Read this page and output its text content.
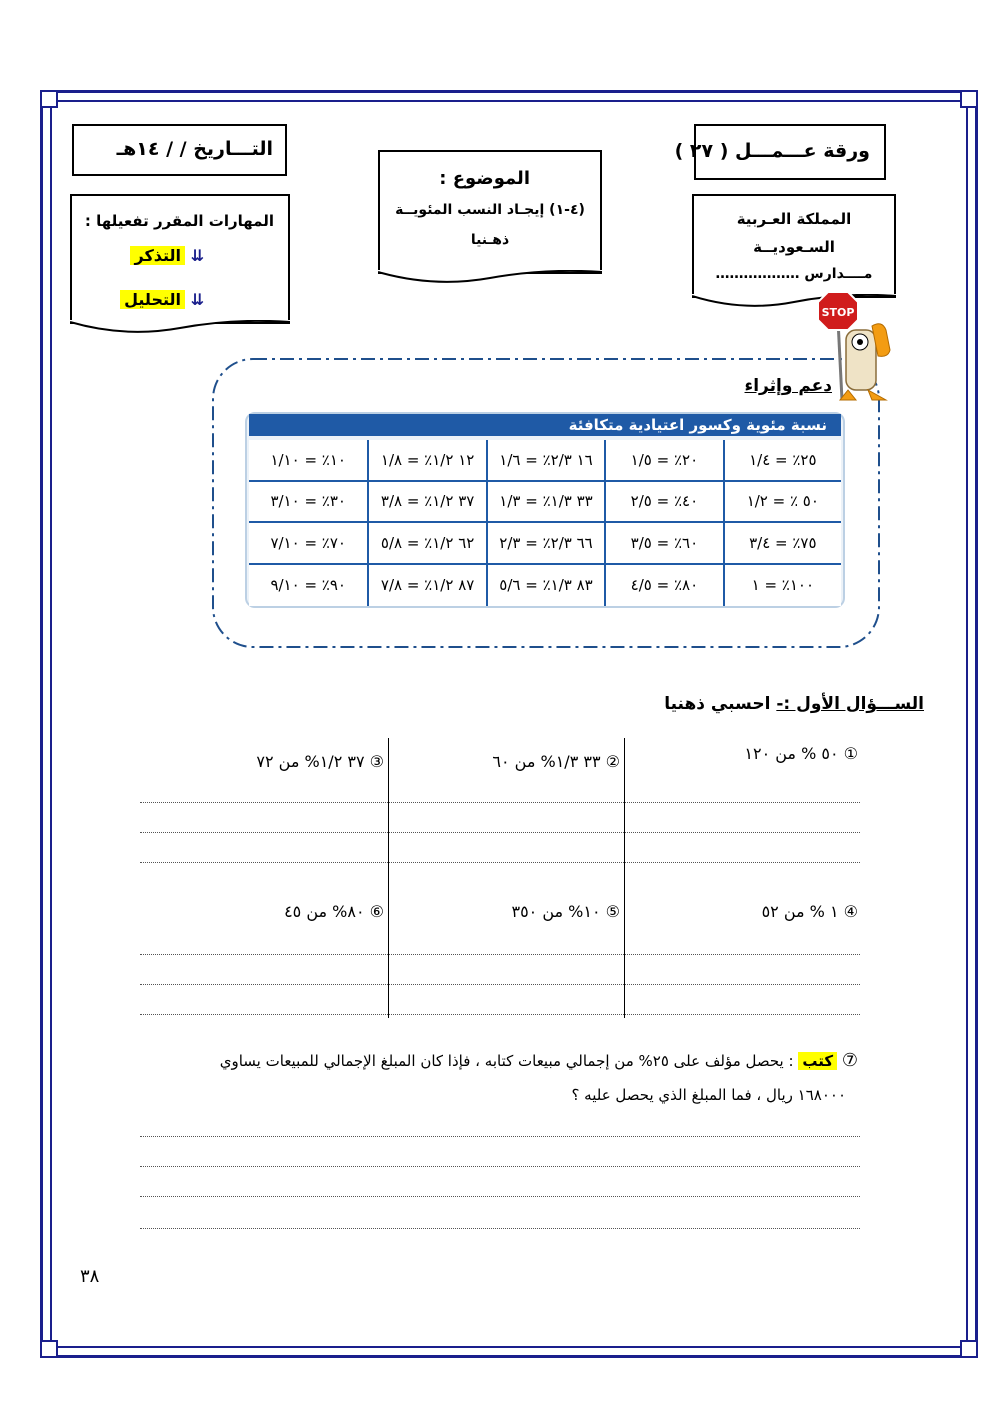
ورقة عـــمـــل ( ٢٧ )
التـــاريخ / / ١٤هـ
الموضوع :
(٤-١) إيجـاد النسب المئويــة
ذهـنيا
المملكة العـربية
السـعوديــة
مــــدارس ………………
المهارات المقرر تفعيلها :
⇊ التذكر
⇊ التحليل
STOP
دعم وإثراء
نسبة مئوية وكسور اعتيادية متكافئة
٢٥٪ = ١/٤
٢٠٪ = ١/٥
١٦ ٢/٣٪ = ١/٦
١٢ ١/٢٪ = ١/٨
١٠٪ = ١/١٠
٥٠ ٪ = ١/٢
٤٠٪ = ٢/٥
٣٣ ١/٣٪ = ١/٣
٣٧ ١/٢٪ = ٣/٨
٣٠٪ = ٣/١٠
٧٥٪ = ٣/٤
٦٠٪ = ٣/٥
٦٦ ٢/٣٪ = ٢/٣
٦٢ ١/٢٪ = ٥/٨
٧٠٪ = ٧/١٠
١٠٠٪ = ١
٨٠٪ = ٤/٥
٨٣ ١/٣٪ = ٥/٦
٨٧ ١/٢٪ = ٧/٨
٩٠٪ = ٩/١٠
الســـؤال الأول :- احسبي ذهنيا
① ٥٠ % من ١٢٠
② ٣٣ ١/٣% من ٦٠
③ ٣٧ ١/٢% من ٧٢
④ ١ % من ٥٢
⑤ ١٠% من ٣٥٠
⑥ ٨٠% من ٤٥
⑦ كتب : يحصل مؤلف على ٢٥% من إجمالي مبيعات كتابه ، فإذا كان المبلغ الإجمالي للمبيعات يساوي
١٦٨٠٠٠ ريال ، فما المبلغ الذي يحصل عليه ؟
٣٨
